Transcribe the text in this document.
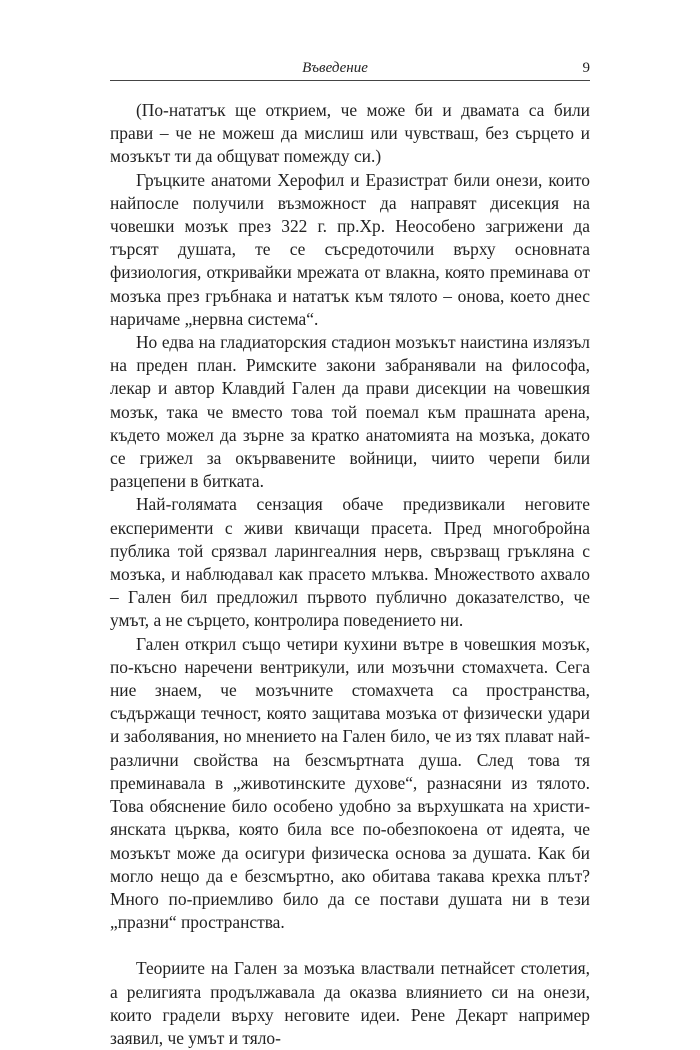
Въведение	9

(По-нататък ще открием, че може би и двамата са били прави – че не можеш да мислиш или чувстваш, без сърцето и мозъкът ти да общуват помежду си.)

Гръцките анатоми Херофил и Еразистрат били онези, които найпосле получили възможност да направят дисекция на човешки мозък през 322 г. пр.Хр. Неособено загрижени да търсят душата, те се съсредоточили върху основната физиология, откривайки мрежата от влакна, която преминава от мозъка през гръбнака и нататък към тялото – онова, което днес наричаме „нервна система“.

Но едва на гладиаторския стадион мозъкът наистина излязъл на преден план. Римските закони забранявали на философа, лекар и автор Клавдий Гален да прави дисекции на човешкия мозък, така че вместо това той поемал към прашната арена, където можел да зърне за кратко анатомията на мозъка, докато се грижел за окървавените войници, чиито черепи били разцепени в битката.

Най-голямата сензация обаче предизвикали неговите експерименти с живи квичащи прасета. Пред многобройна публика той срязвал ларингеалния нерв, свързващ гръкляна с мозъка, и наблюдавал как прасето млъква. Множеството ахвало – Гален бил предложил първото публично доказателство, че умът, а не сърцето, контролира поведението ни.

Гален открил също четири кухини вътре в човешкия мозък, по-късно наречени вентрикули, или мозъчни стомахчета. Сега ние знаем, че мозъчните стомахчета са пространства, съдържащи течност, която защитава мозъка от физически удари и заболявания, но мнението на Гален било, че из тях плават най-различни свойства на безсмъртната душа. След това тя преминавала в „животинските духове“, разнасяни из тялото. Това обяснение било особено удобно за върхушката на християнската църква, която била все по-обезпокоена от идеята, че мозъкът може да осигури физическа основа за душата. Как би могло нещо да е безсмъртно, ако обитава такава крехка плът? Много по-приемливо било да се постави душата ни в тези „празни“ пространства.

Теориите на Гален за мозъка властвали петнайсет столетия, а религията продължавала да оказва влиянието си на онези, които градели върху неговите идеи. Рене Декарт например заявил, че умът и тяло-
